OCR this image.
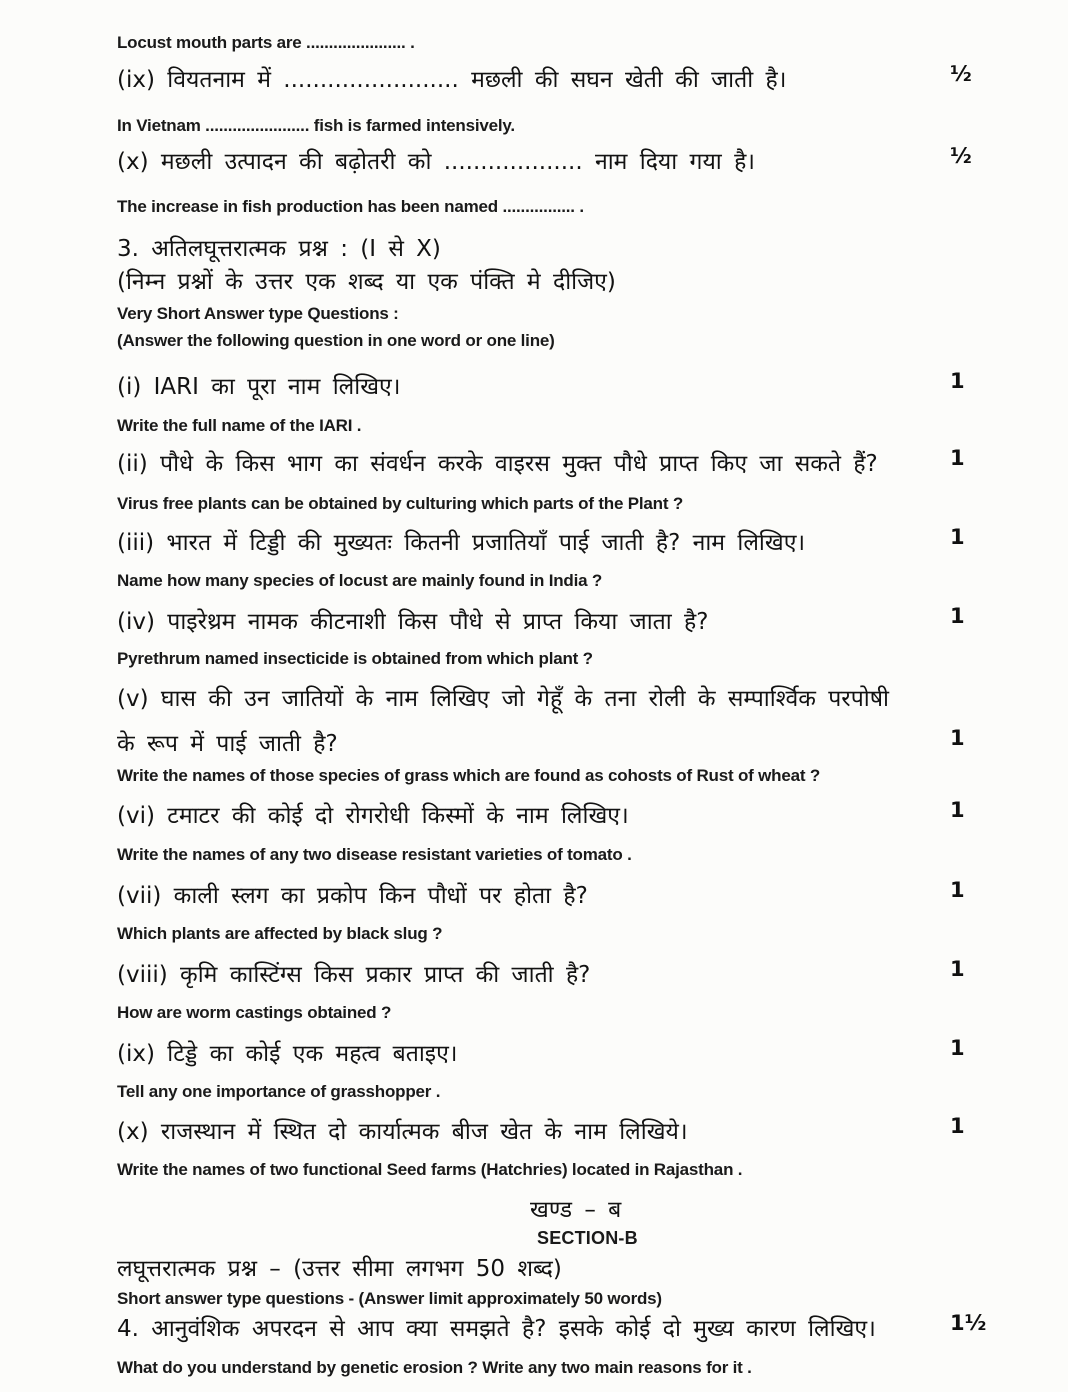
Locust mouth parts are ...................... .
(ix) वियतनाम में ........................ मछली की सघन खेती की जाती है।	½
In Vietnam ....................... fish is farmed intensively.
(x) मछली उत्पादन की बढ़ोतरी को ................... नाम दिया गया है।	½
The increase in fish production has been named ................ .
3. अतिलघूत्तरात्मक प्रश्न : (I से X)
(निम्न प्रश्नों के उत्तर एक शब्द या एक पंक्ति मे दीजिए)
Very Short Answer type Questions :
(Answer the following question in one word or one line)
(i) IARI का पूरा नाम लिखिए।	1
Write the full name of the IARI .
(ii) पौधे के किस भाग का संवर्धन करके वाइरस मुक्त पौधे प्राप्त किए जा सकते हैं?	1
Virus free plants can be obtained by culturing which parts of the Plant ?
(iii) भारत में टिड्डी की मुख्यतः कितनी प्रजातियाँ पाई जाती है? नाम लिखिए।	1
Name how many species of locust are mainly found in India ?
(iv) पाइरेथ्रम नामक कीटनाशी किस पौधे से प्राप्त किया जाता है?	1
Pyrethrum named insecticide is obtained from which plant ?
(v) घास की उन जातियों के नाम लिखिए जो गेहूँ के तना रोली के सम्पार्श्विक परपोषी
के रूप में पाई जाती है?	1
Write the names of those species of grass which are found as cohosts of Rust of wheat ?
(vi) टमाटर की कोई दो रोगरोधी किस्मों के नाम लिखिए।	1
Write the names of any two disease resistant varieties of tomato .
(vii) काली स्लग का प्रकोप किन पौधों पर होता है?	1
Which plants are affected by black slug ?
(viii) कृमि कास्टिंग्स किस प्रकार प्राप्त की जाती है?	1
How are worm castings obtained ?
(ix) टिड्डे का कोई एक महत्व बताइए।	1
Tell any one importance of grasshopper .
(x) राजस्थान में स्थित दो कार्यात्मक बीज खेत के नाम लिखिये।	1
Write the names of two functional Seed farms (Hatchries) located in Rajasthan .
खण्ड – ब
SECTION-B
लघूत्तरात्मक प्रश्न – (उत्तर सीमा लगभग 50 शब्द)
Short answer type questions - (Answer limit approximately 50 words)
4. आनुवंशिक अपरदन से आप क्या समझते है? इसके कोई दो मुख्य कारण लिखिए।	1½
What do you understand by genetic erosion ? Write any two main reasons for it .
